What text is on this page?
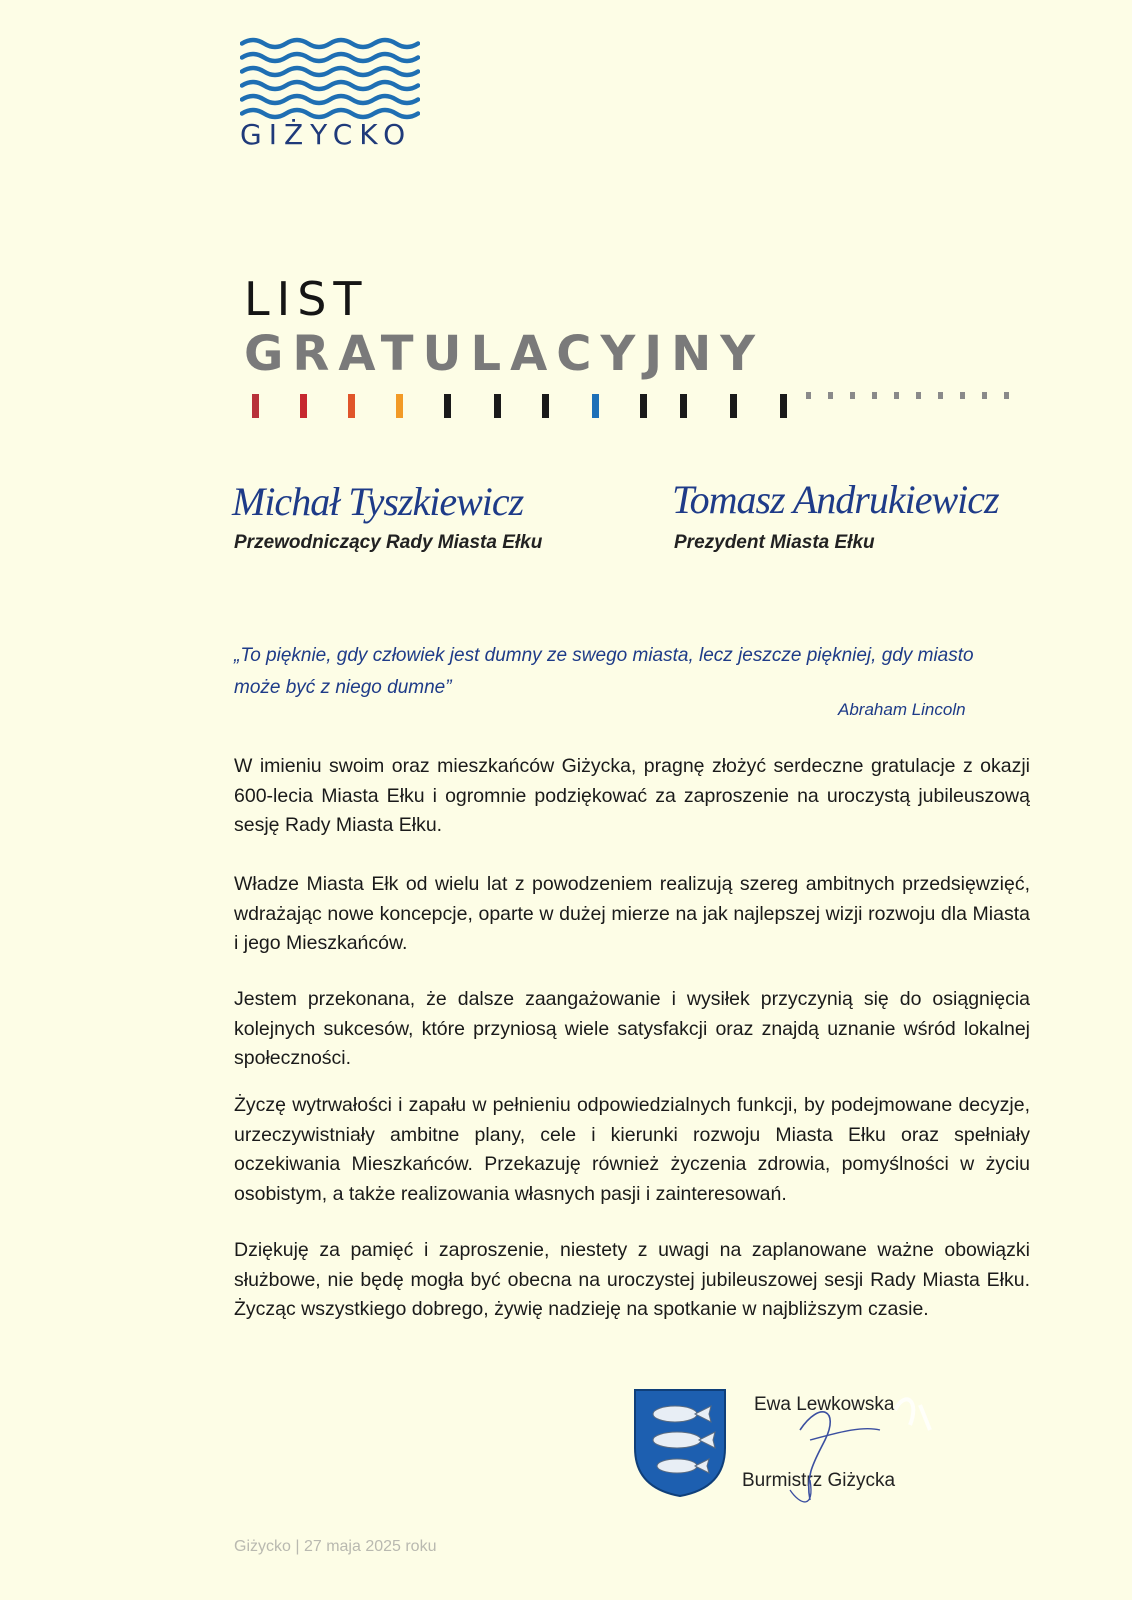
GIŻYCKO
LIST
GRATULACYJNY
Michał Tyszkiewicz
Przewodniczący Rady Miasta Ełku
Tomasz Andrukiewicz
Prezydent Miasta Ełku
„To pięknie, gdy człowiek jest dumny ze swego miasta, lecz jeszcze piękniej, gdy miasto może być z niego dumne”
Abraham Lincoln
W imieniu swoim oraz mieszkańców Giżycka, pragnę złożyć serdeczne gratulacje z okazji 600-lecia Miasta Ełku i ogromnie podziękować za zaproszenie na uroczystą jubileuszową sesję Rady Miasta Ełku.
Władze Miasta Ełk od wielu lat z powodzeniem realizują szereg ambitnych przedsięwzięć, wdrażając nowe koncepcje, oparte w dużej mierze na jak najlepszej wizji rozwoju dla Miasta i jego Mieszkańców.
Jestem przekonana, że dalsze zaangażowanie i wysiłek przyczynią się do osiągnięcia kolejnych sukcesów, które przyniosą wiele satysfakcji oraz znajdą uznanie wśród lokalnej społeczności.
Życzę wytrwałości i zapału w pełnieniu odpowiedzialnych funkcji, by podejmowane decyzje, urzeczywistniały ambitne plany, cele i kierunki rozwoju Miasta Ełku oraz spełniały oczekiwania Mieszkańców. Przekazuję również życzenia zdrowia, pomyślności w życiu osobistym, a także realizowania własnych pasji i zainteresowań.
Dziękuję za pamięć i zaproszenie, niestety z uwagi na zaplanowane ważne obowiązki służbowe, nie będę mogła być obecna na uroczystej jubileuszowej sesji Rady Miasta Ełku. Życząc wszystkiego dobrego, żywię nadzieję na spotkanie w najbliższym czasie.
Ewa Lewkowska
Burmistrz Giżycka
Giżycko | 27 maja 2025 roku
